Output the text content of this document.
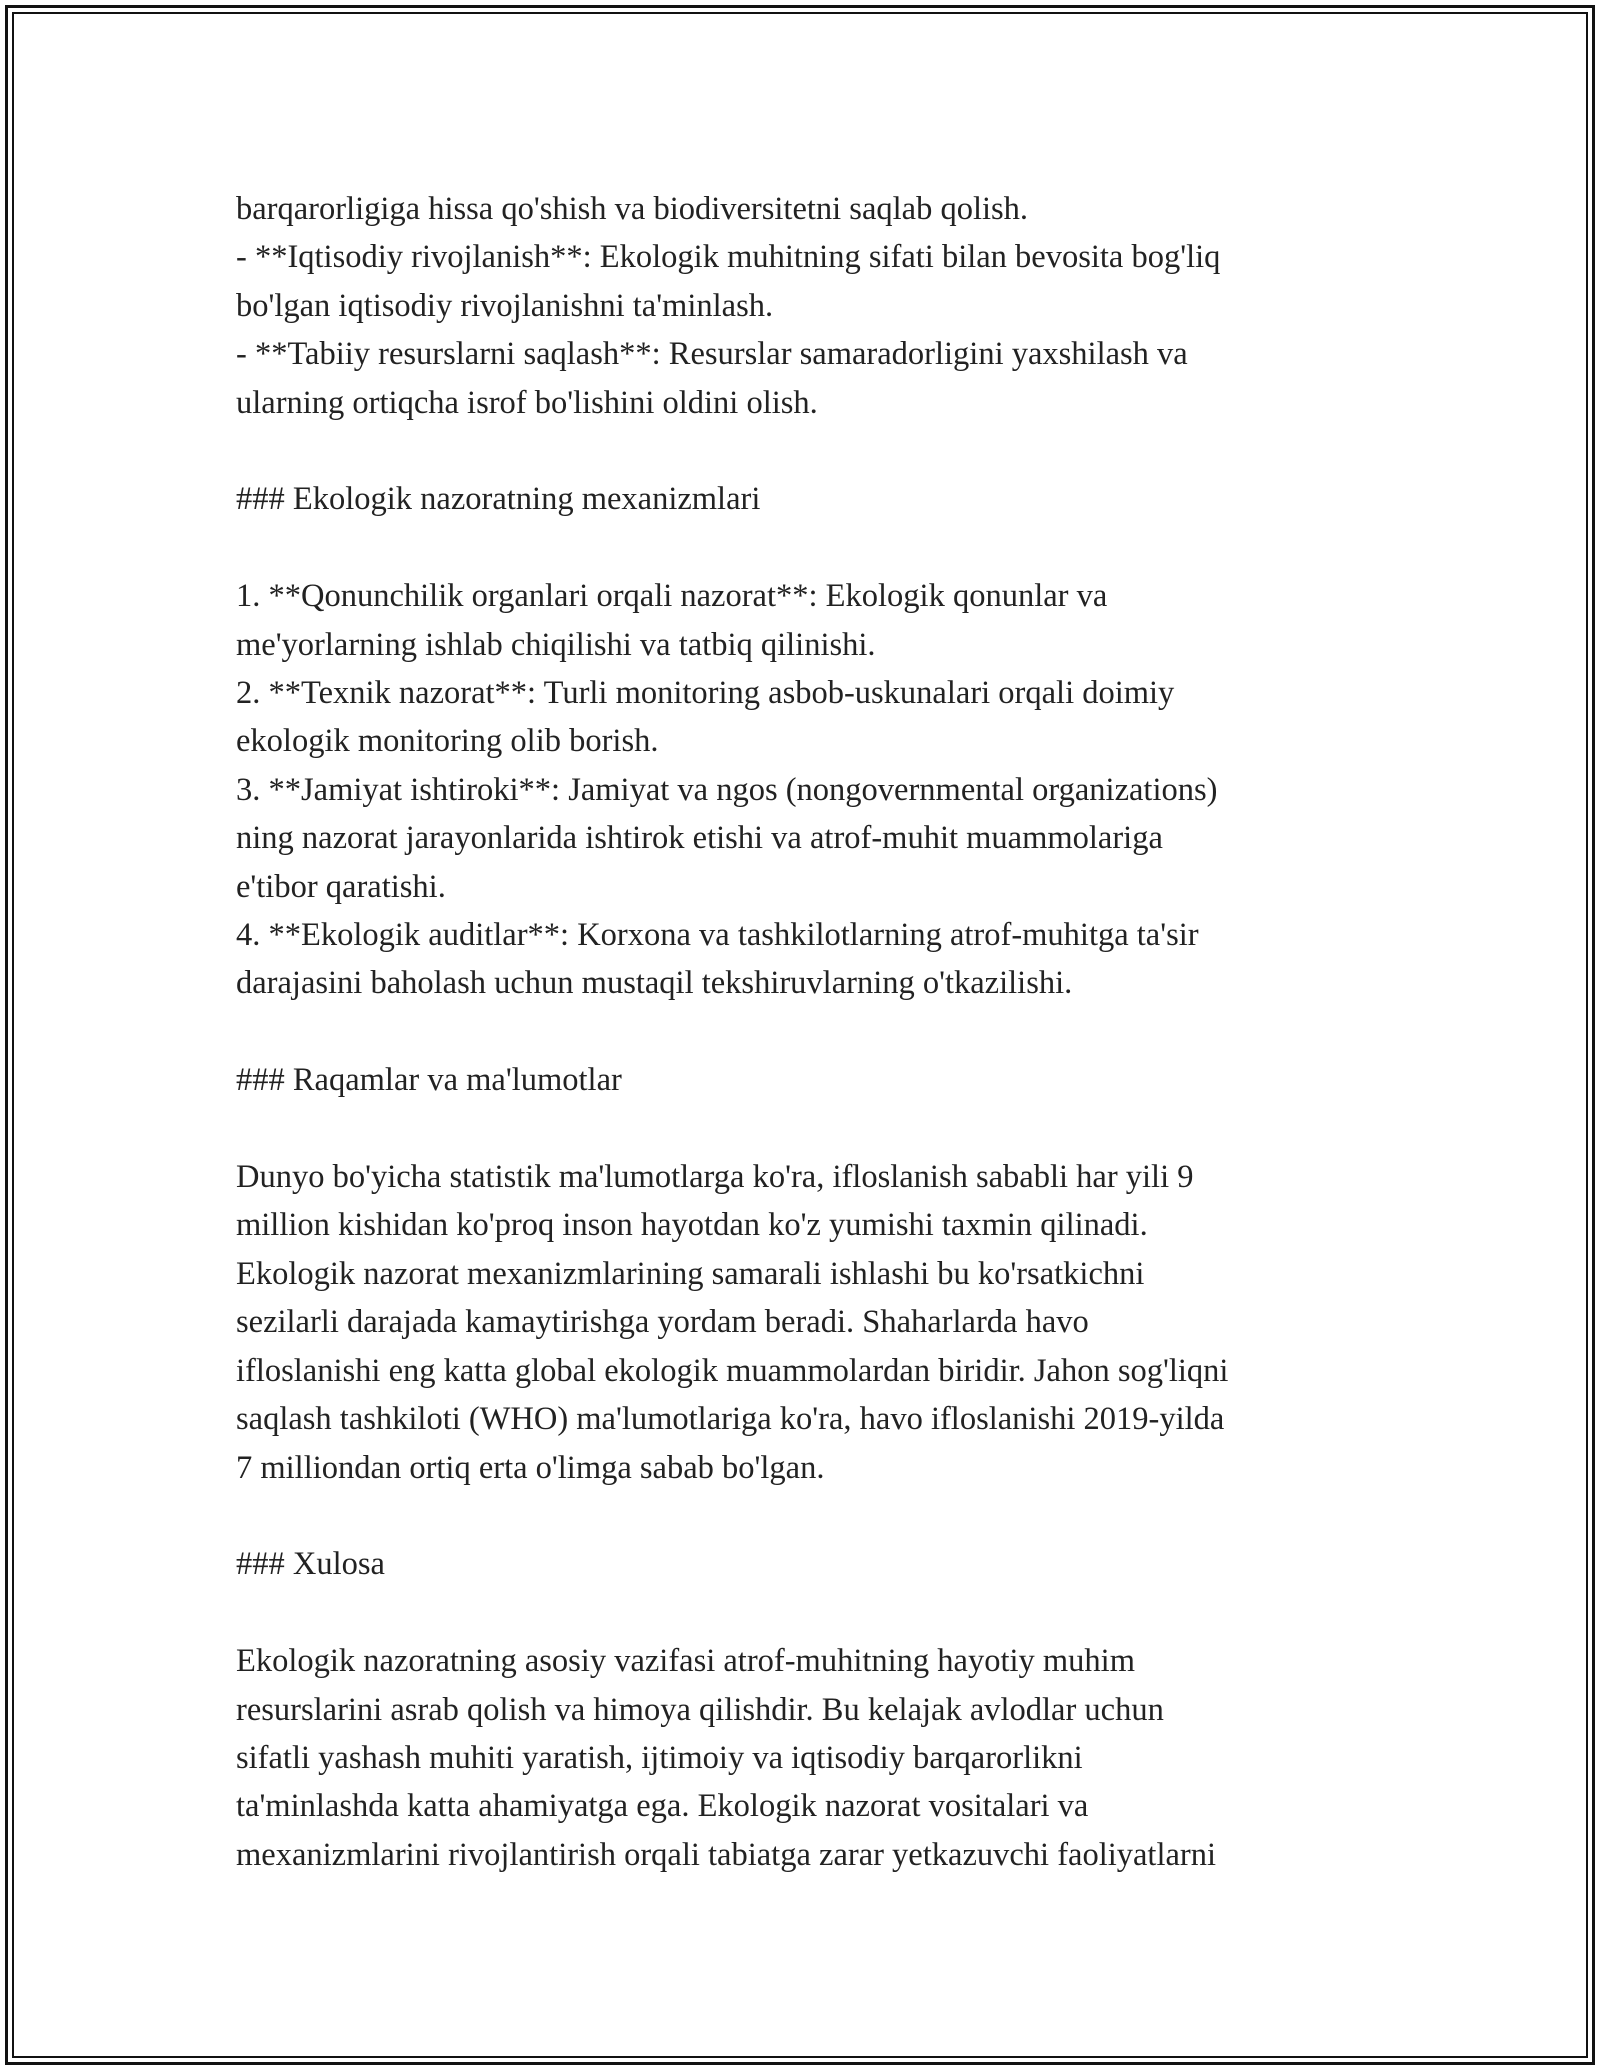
barqarorligiga hissa qo'shish va biodiversitetni saqlab qolish.

- **Iqtisodiy rivojlanish**: Ekologik muhitning sifati bilan bevosita bog'liq

bo'lgan iqtisodiy rivojlanishni ta'minlash.

- **Tabiiy resurslarni saqlash**: Resurslar samaradorligini yaxshilash va

ularning ortiqcha isrof bo'lishini oldini olish.

### Ekologik nazoratning mexanizmlari

1. **Qonunchilik organlari orqali nazorat**: Ekologik qonunlar va

me'yorlarning ishlab chiqilishi va tatbiq qilinishi.

2. **Texnik nazorat**: Turli monitoring asbob-uskunalari orqali doimiy

ekologik monitoring olib borish.

3. **Jamiyat ishtiroki**: Jamiyat va ngos (nongovernmental organizations)

ning nazorat jarayonlarida ishtirok etishi va atrof-muhit muammolariga

e'tibor qaratishi.

4. **Ekologik auditlar**: Korxona va tashkilotlarning atrof-muhitga ta'sir

darajasini baholash uchun mustaqil tekshiruvlarning o'tkazilishi.

### Raqamlar va ma'lumotlar

Dunyo bo'yicha statistik ma'lumotlarga ko'ra, ifloslanish sababli har yili 9

million kishidan ko'proq inson hayotdan ko'z yumishi taxmin qilinadi.

Ekologik nazorat mexanizmlarining samarali ishlashi bu ko'rsatkichni

sezilarli darajada kamaytirishga yordam beradi. Shaharlarda havo

ifloslanishi eng katta global ekologik muammolardan biridir. Jahon sog'liqni

saqlash tashkiloti (WHO) ma'lumotlariga ko'ra, havo ifloslanishi 2019-yilda

7 milliondan ortiq erta o'limga sabab bo'lgan.

### Xulosa

Ekologik nazoratning asosiy vazifasi atrof-muhitning hayotiy muhim

resurslarini asrab qolish va himoya qilishdir. Bu kelajak avlodlar uchun

sifatli yashash muhiti yaratish, ijtimoiy va iqtisodiy barqarorlikni

ta'minlashda katta ahamiyatga ega. Ekologik nazorat vositalari va

mexanizmlarini rivojlantirish orqali tabiatga zarar yetkazuvchi faoliyatlarni
